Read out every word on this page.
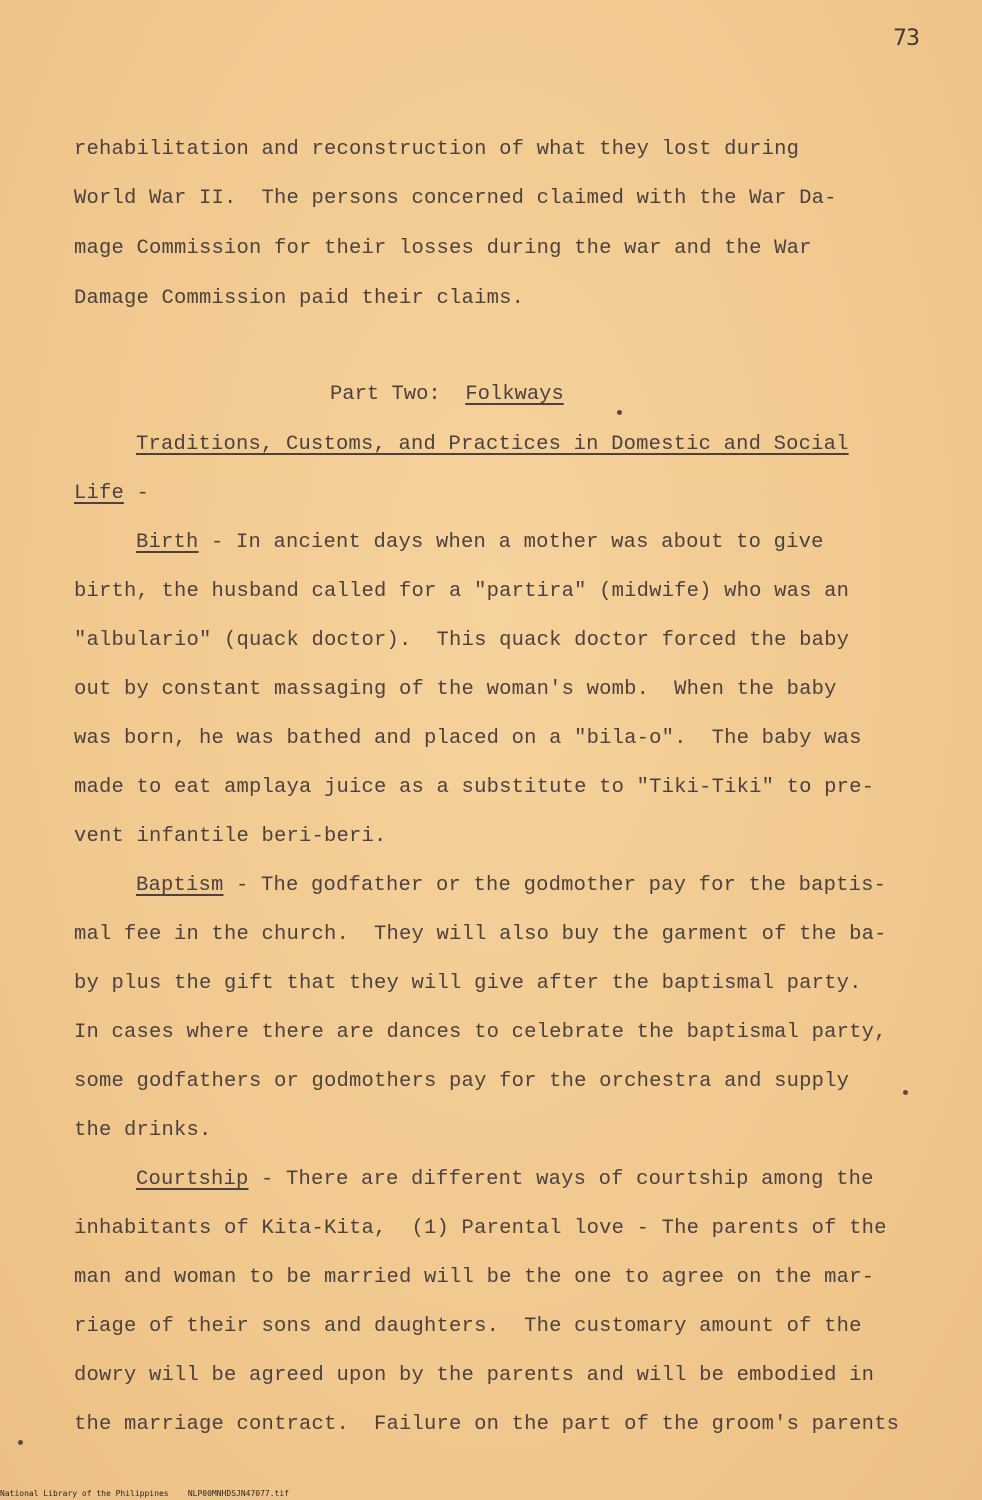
73
rehabilitation and reconstruction of what they lost during
World War II.  The persons concerned claimed with the War Da-
mage Commission for their losses during the war and the War
Damage Commission paid their claims.
Part Two:  Folkways
Traditions, Customs, and Practices in Domestic and Social
Life -
Birth - In ancient days when a mother was about to give
birth, the husband called for a "partira" (midwife) who was an
"albulario" (quack doctor).  This quack doctor forced the baby
out by constant massaging of the woman's womb.  When the baby
was born, he was bathed and placed on a "bila-o".  The baby was
made to eat amplaya juice as a substitute to "Tiki-Tiki" to pre-
vent infantile beri-beri.
Baptism - The godfather or the godmother pay for the baptis-
mal fee in the church.  They will also buy the garment of the ba-
by plus the gift that they will give after the baptismal party.
In cases where there are dances to celebrate the baptismal party,
some godfathers or godmothers pay for the orchestra and supply
the drinks.
Courtship - There are different ways of courtship among the
inhabitants of Kita-Kita,  (1) Parental love - The parents of the
man and woman to be married will be the one to agree on the mar-
riage of their sons and daughters.  The customary amount of the
dowry will be agreed upon by the parents and will be embodied in
the marriage contract.  Failure on the part of the groom's parents
National Library of the Philippines NLP00MNHDSJN47077.tif
